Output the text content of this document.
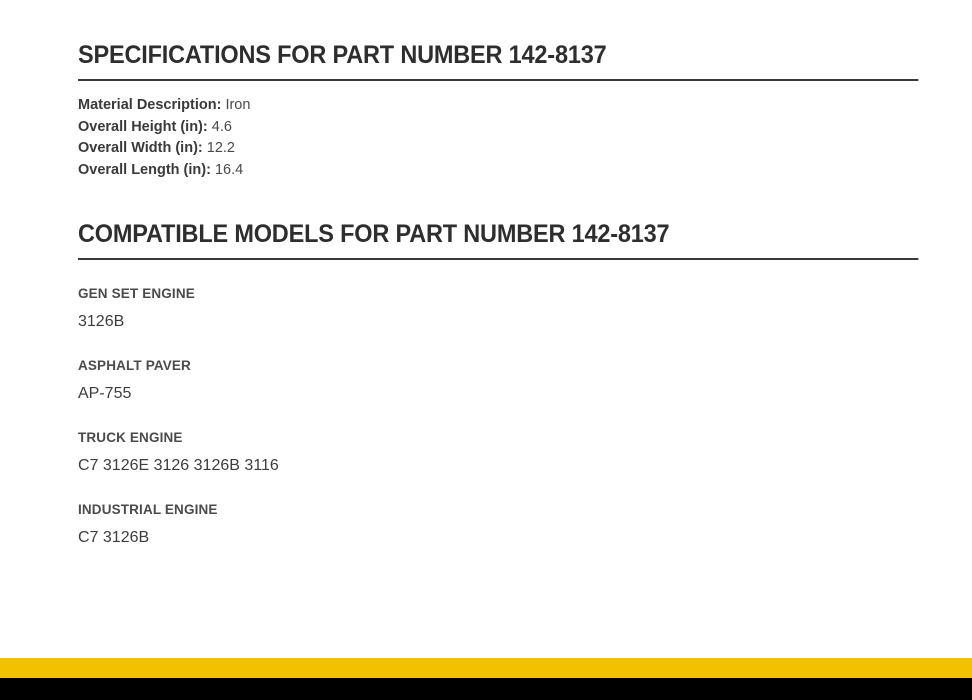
SPECIFICATIONS FOR PART NUMBER 142-8137
Material Description: Iron
Overall Height (in): 4.6
Overall Width (in): 12.2
Overall Length (in): 16.4
COMPATIBLE MODELS FOR PART NUMBER 142-8137
GEN SET ENGINE

3126B

ASPHALT PAVER

AP-755

TRUCK ENGINE

C7 3126E 3126 3126B 3116

INDUSTRIAL ENGINE

C7 3126B
